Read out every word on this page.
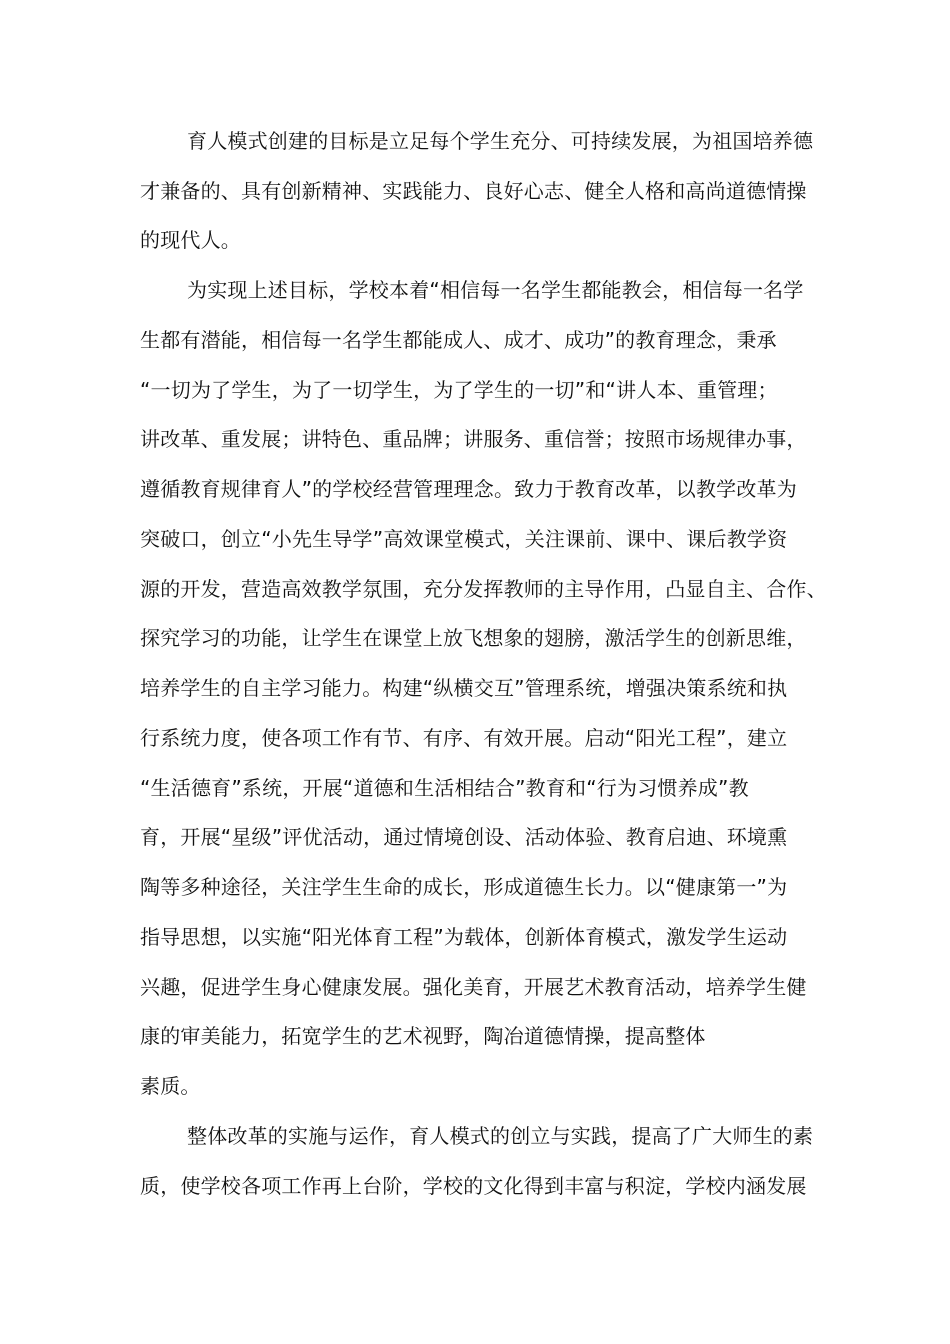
育人模式创建的目标是立足每个学生充分、可持续发展，为祖国培养德
才兼备的、具有创新精神、实践能力、良好心志、健全人格和高尚道德情操
的现代人。
为实现上述目标，学校本着“相信每一名学生都能教会，相信每一名学
生都有潜能，相信每一名学生都能成人、成才、成功”的教育理念，秉承
“一切为了学生，为了一切学生，为了学生的一切”和“讲人本、重管理；
讲改革、重发展；讲特色、重品牌；讲服务、重信誉；按照市场规律办事，
遵循教育规律育人”的学校经营管理理念。致力于教育改革，以教学改革为
突破口，创立“小先生导学”高效课堂模式，关注课前、课中、课后教学资
源的开发，营造高效教学氛围，充分发挥教师的主导作用，凸显自主、合作、
探究学习的功能，让学生在课堂上放飞想象的翅膀，激活学生的创新思维，
培养学生的自主学习能力。构建“纵横交互”管理系统，增强决策系统和执
行系统力度，使各项工作有节、有序、有效开展。启动“阳光工程”，建立
“生活德育”系统，开展“道德和生活相结合”教育和“行为习惯养成”教
育，开展“星级”评优活动，通过情境创设、活动体验、教育启迪、环境熏
陶等多种途径，关注学生生命的成长，形成道德生长力。以“健康第一”为
指导思想，以实施“阳光体育工程”为载体，创新体育模式，激发学生运动
兴趣，促进学生身心健康发展。强化美育，开展艺术教育活动，培养学生健
康的审美能力，拓宽学生的艺术视野，陶冶道德情操，提高整体
素质。
整体改革的实施与运作，育人模式的创立与实践，提高了广大师生的素
质，使学校各项工作再上台阶，学校的文化得到丰富与积淀，学校内涵发展
